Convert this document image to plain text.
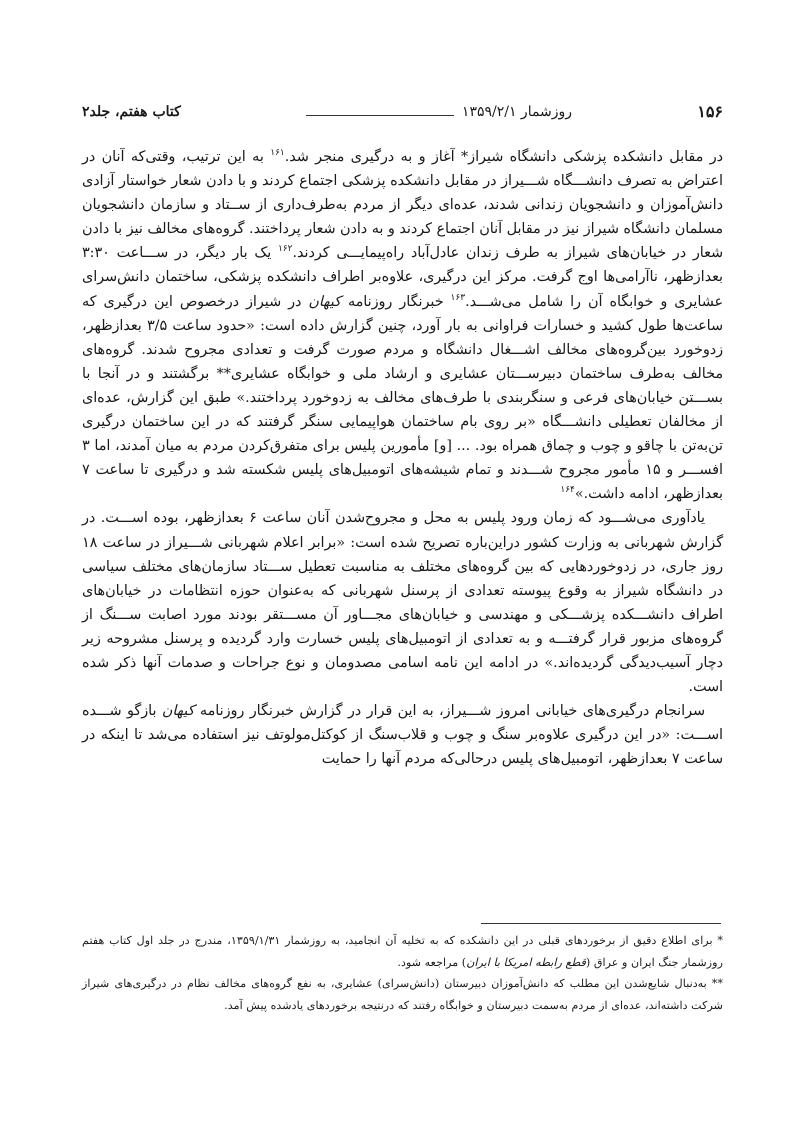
۱۵۶
روزشمار ۱۳۵۹/۲/۱
کتاب هفتم، جلد۲

در مقابل دانشکده پزشکی دانشگاه شیراز* آغاز و به درگیری منجر شد.$^{۱۶۱}$ به این ترتیب، وقتی‌که آنان در اعتراض به تصرف دانشـــگاه شـــیراز در مقابل دانشکده پزشکی اجتماع کردند و با دادن شعار خواستار آزادی دانش‌آموزان و دانشجویان زندانی شدند، عده‌ای دیگر از مردم به‌طرف‌داری از ســتاد و سازمان دانشجویان مسلمان دانشگاه شیراز نیز در مقابل آنان اجتماع کردند و به دادن شعار پرداختند. گروه‌های مخالف نیز با دادن شعار در خیابان‌های شیراز به طرف زندان عادل‌آباد راه‌پیمایـــی کردند.$^{۱۶۲}$ یک بار دیگر، در ســـاعت ۳:۳۰ بعدازظهر، ناآرامی‌ها اوج گرفت. مرکز این درگیری، علاوه‌بر اطراف دانشکده پزشکی، ساختمان دانش‌سرای عشایری و خوابگاه آن را شامل می‌شـــد.$^{۱۶۳}$ خبرنگار روزنامه کیهان در شیراز درخصوص این درگیری که ساعت‌ها طول کشید و خسارات فراوانی به بار آورد، چنین گزارش داده است: «حدود ساعت ۳/۵ بعدازظهر، زدوخورد بین‌گروه‌های مخالف اشـــغال دانشگاه و مردم صورت گرفت و تعدادی مجروح شدند. گروه‌های مخالف به‌طرف ساختمان دبیرســـتان عشایری و ارشاد ملی و خوابگاه عشایری** برگشتند و در آنجا با بســـتن خیابان‌های فرعی و سنگربندی با طرف‌های مخالف به زدوخورد پرداختند.» طبق این گزارش، عده‌ای از مخالفان تعطیلی دانشـــگاه «بر روی بام ساختمان هواپیمایی سنگر گرفتند که در این ساختمان درگیری تن‌به‌تن با چاقو و چوب و چماق همراه بود. ... [و] مأمورین پلیس برای متفرق‌کردن مردم به میان آمدند، اما ۳ افســـر و ۱۵ مأمور مجروح شـــدند و تمام شیشه‌های اتومبیل‌های پلیس شکسته شد و درگیری تا ساعت ۷ بعدازظهر، ادامه داشت.»$^{۱۶۴}$

یادآوری می‌شـــود که زمان ورود پلیس به محل و مجروح‌شدن آنان ساعت ۶ بعدازظهر، بوده اســـت. در گزارش شهربانی به وزارت کشور دراین‌باره تصریح شده است: «برابر اعلام شهربانی شـــیراز در ساعت ۱۸ روز جاری، در زدوخوردهایی که بین گروه‌های مختلف به مناسبت تعطیل ســـتاد سازمان‌های مختلف سیاسی در دانشگاه شیراز به وقوع پیوسته تعدادی از پرسنل شهربانی که به‌عنوان حوزه انتظامات در خیابان‌های اطراف دانشـــکده پزشـــکی و مهندسی و خیابان‌های مجـــاور آن مســـتقر بودند مورد اصابت ســـنگ از گروه‌های مزبور قرار گرفتـــه و به تعدادی از اتومبیل‌های پلیس خسارت وارد گردیده و پرسنل مشروحه زیر دچار آسیب‌دیدگی گردیده‌اند.» در ادامه این نامه اسامی مصدومان و نوع جراحات و صدمات آنها ذکر شده است.

سرانجام درگیری‌های خیابانی امروز شـــیراز، به این قرار در گزارش خبرنگار روزنامه کیهان بازگو شـــده اســـت: «در این درگیری علاوه‌بر سنگ و چوب و قلاب‌سنگ از کوکتل‌مولوتف نیز استفاده می‌شد تا اینکه در ساعت ۷ بعدازظهر، اتومبیل‌های پلیس درحالی‌که مردم آنها را حمایت

* برای اطلاع دقیق از برخوردهای قبلی در این دانشکده که به تخلیه آن انجامید، به روزشمار ۱۳۵۹/۱/۳۱، مندرج در جلد اول کتاب هفتم روزشمار جنگ ایران و عراق (قطع رابطه امریکا با ایران) مراجعه شود.

** به‌دنبال شایع‌شدن این مطلب که دانش‌آموزان دبیرستان (دانش‌سرای) عشایری، به نفع گروه‌های مخالف نظام در درگیری‌های شیراز شرکت داشته‌اند، عده‌ای از مردم به‌سمت دبیرستان و خوابگاه رفتند که درنتیجه برخوردهای یادشده پیش آمد.
